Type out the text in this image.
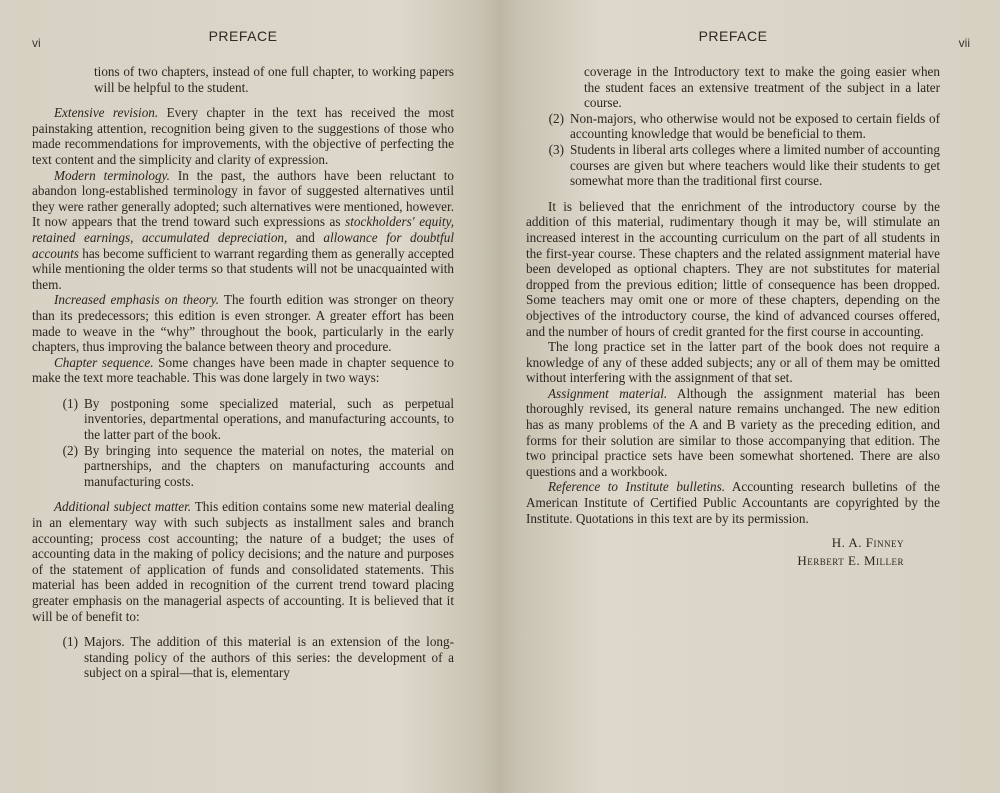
vi	PREFACE

tions of two chapters, instead of one full chapter, to working papers will be helpful to the student.

Extensive revision. Every chapter in the text has received the most painstaking attention, recognition being given to the suggestions of those who made recommendations for improvements, with the objective of perfecting the text content and the simplicity and clarity of expression.

Modern terminology. In the past, the authors have been reluctant to abandon long-established terminology in favor of suggested alternatives until they were rather generally adopted; such alternatives were mentioned, however. It now appears that the trend toward such expressions as stockholders' equity, retained earnings, accumulated depreciation, and allowance for doubtful accounts has become sufficient to warrant regarding them as generally accepted while mentioning the older terms so that students will not be unacquainted with them.

Increased emphasis on theory. The fourth edition was stronger on theory than its predecessors; this edition is even stronger. A greater effort has been made to weave in the “why” throughout the book, particularly in the early chapters, thus improving the balance between theory and procedure.

Chapter sequence. Some changes have been made in chapter sequence to make the text more teachable. This was done largely in two ways:

(1) By postponing some specialized material, such as perpetual inventories, departmental operations, and manufacturing accounts, to the latter part of the book.
(2) By bringing into sequence the material on notes, the material on partnerships, and the chapters on manufacturing accounts and manufacturing costs.

Additional subject matter. This edition contains some new material dealing in an elementary way with such subjects as installment sales and branch accounting; process cost accounting; the nature of a budget; the uses of accounting data in the making of policy decisions; and the nature and purposes of the statement of application of funds and consolidated statements. This material has been added in recognition of the current trend toward placing greater emphasis on the managerial aspects of accounting. It is believed that it will be of benefit to:

(1) Majors. The addition of this material is an extension of the long-standing policy of the authors of this series: the development of a subject on a spiral—that is, elementary
PREFACE	vii

coverage in the Introductory text to make the going easier when the student faces an extensive treatment of the subject in a later course.

(2) Non-majors, who otherwise would not be exposed to certain fields of accounting knowledge that would be beneficial to them.
(3) Students in liberal arts colleges where a limited number of accounting courses are given but where teachers would like their students to get somewhat more than the traditional first course.

It is believed that the enrichment of the introductory course by the addition of this material, rudimentary though it may be, will stimulate an increased interest in the accounting curriculum on the part of all students in the first-year course. These chapters and the related assignment material have been developed as optional chapters. They are not substitutes for material dropped from the previous edition; little of consequence has been dropped. Some teachers may omit one or more of these chapters, depending on the objectives of the introductory course, the kind of advanced courses offered, and the number of hours of credit granted for the first course in accounting.

The long practice set in the latter part of the book does not require a knowledge of any of these added subjects; any or all of them may be omitted without interfering with the assignment of that set.

Assignment material. Although the assignment material has been thoroughly revised, its general nature remains unchanged. The new edition has as many problems of the A and B variety as the preceding edition, and forms for their solution are similar to those accompanying that edition. The two principal practice sets have been somewhat shortened. There are also questions and a workbook.

Reference to Institute bulletins. Accounting research bulletins of the American Institute of Certified Public Accountants are copyrighted by the Institute. Quotations in this text are by its permission.

H. A. Finney
Herbert E. Miller
